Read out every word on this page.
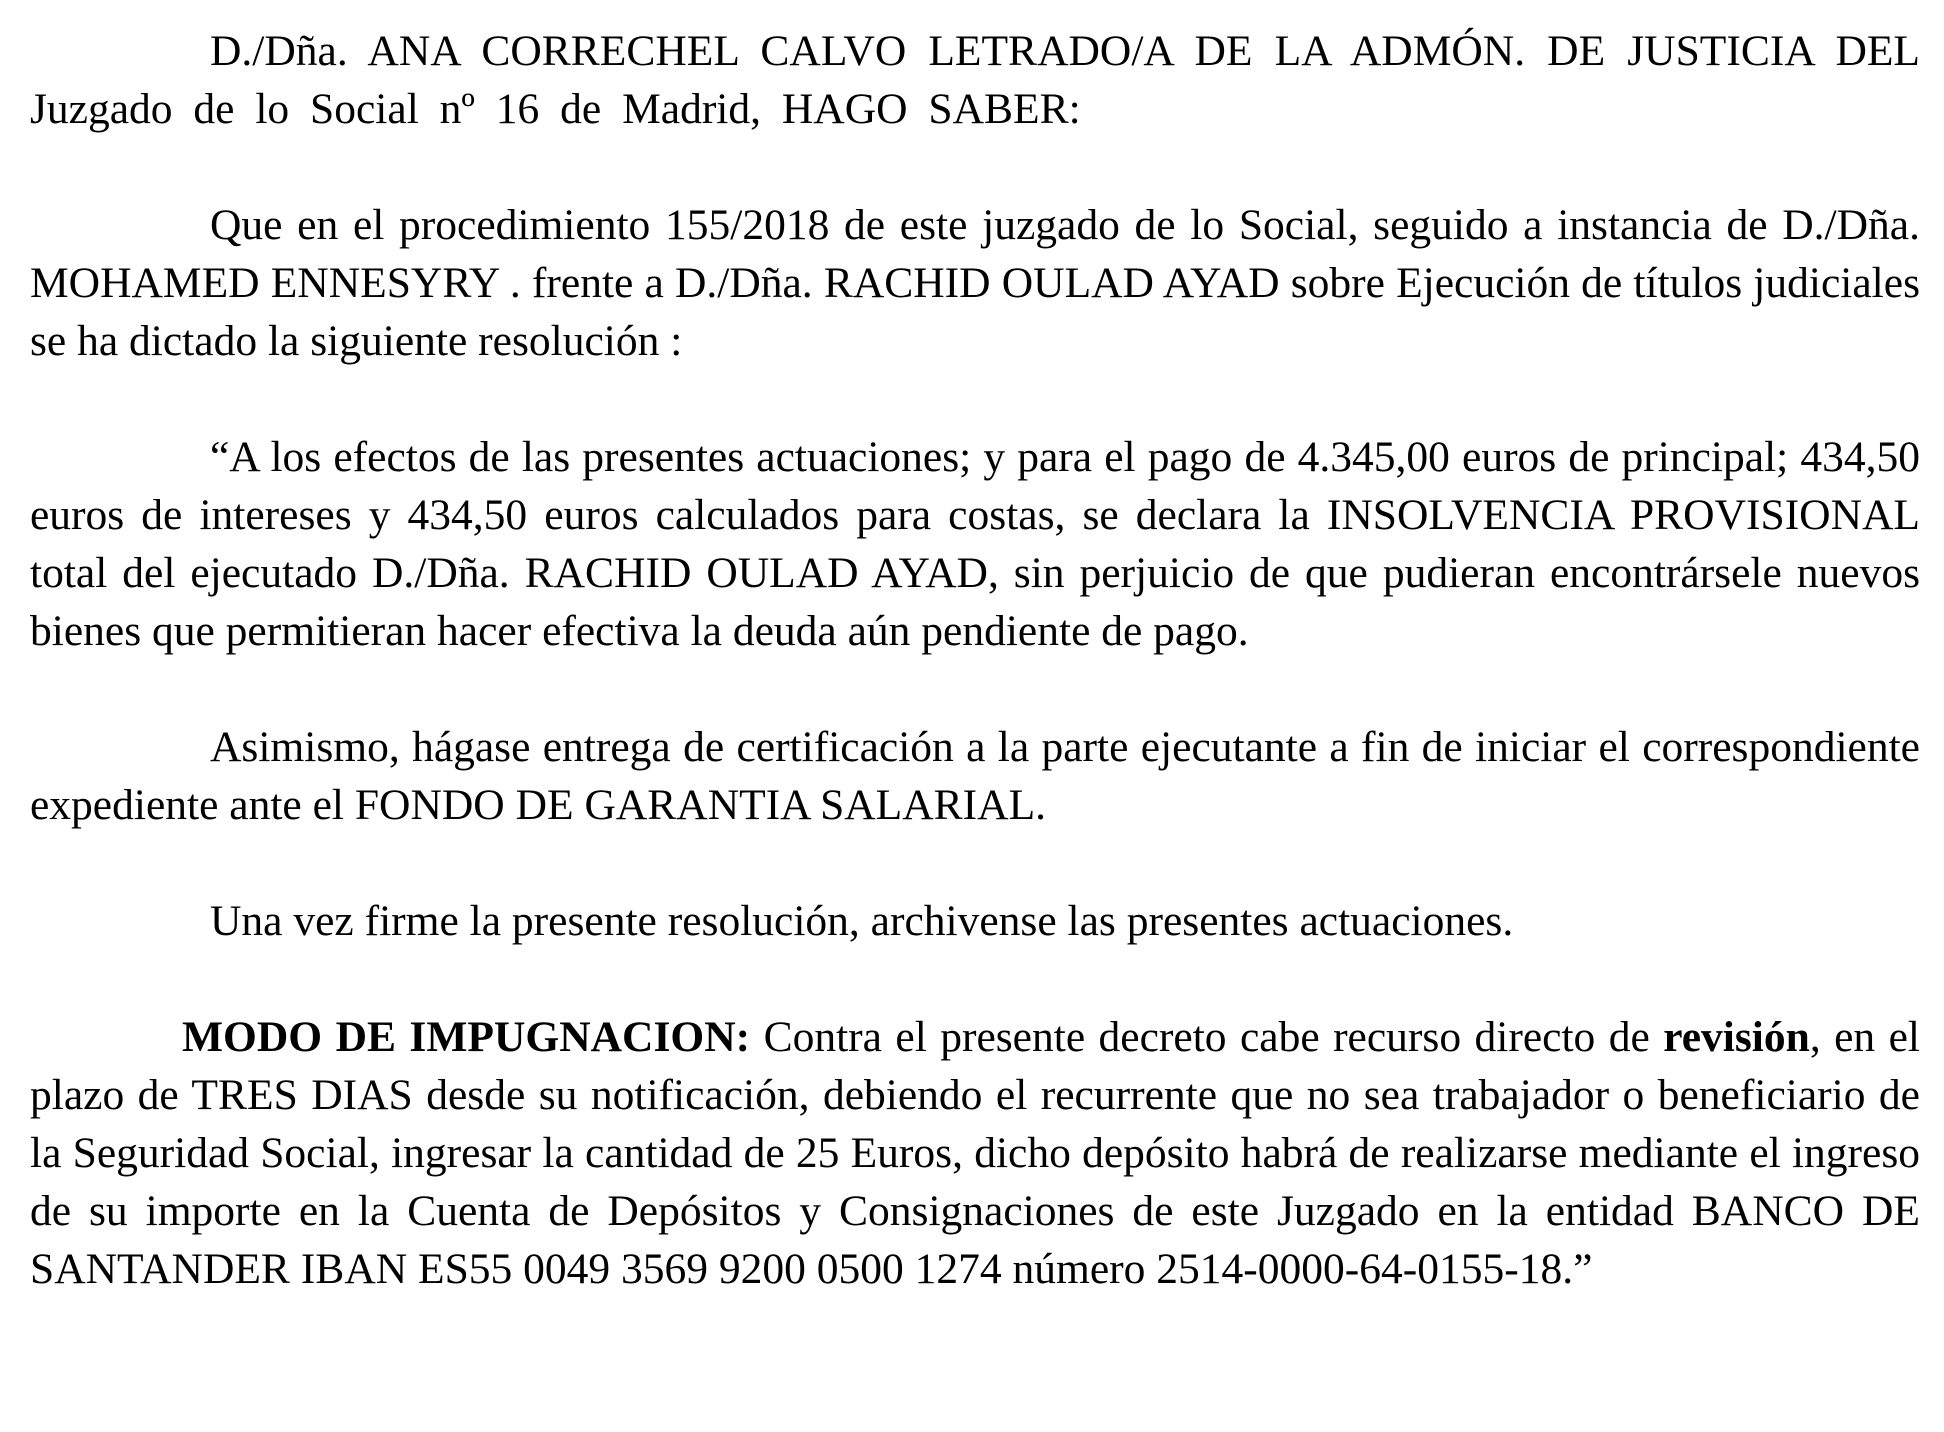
D./Dña. ANA CORRECHEL CALVO LETRADO/A DE LA ADMÓN. DE JUSTICIA DEL Juzgado de lo Social nº 16 de Madrid, HAGO SABER:

Que en el procedimiento 155/2018 de este juzgado de lo Social, seguido a instancia de D./Dña. MOHAMED ENNESYRY . frente a D./Dña. RACHID OULAD AYAD sobre Ejecución de títulos judiciales se ha dictado la siguiente resolución :

“A los efectos de las presentes actuaciones; y para el pago de 4.345,00 euros de principal; 434,50 euros de intereses y 434,50 euros calculados para costas, se declara la INSOLVENCIA PROVISIONAL total del ejecutado D./Dña. RACHID OULAD AYAD, sin perjuicio de que pudieran encontrársele nuevos bienes que permitieran hacer efectiva la deuda aún pendiente de pago.

Asimismo, hágase entrega de certificación a la parte ejecutante a fin de iniciar el correspondiente expediente ante el FONDO DE GARANTIA SALARIAL.

Una vez firme la presente resolución, archivense las presentes actuaciones.

MODO DE IMPUGNACION: Contra el presente decreto cabe recurso directo de revisión, en el plazo de TRES DIAS desde su notificación, debiendo el recurrente que no sea trabajador o beneficiario de la Seguridad Social, ingresar la cantidad de 25 Euros, dicho depósito habrá de realizarse mediante el ingreso de su importe en la Cuenta de Depósitos y Consignaciones de este Juzgado en la entidad BANCO DE SANTANDER IBAN ES55 0049 3569 9200 0500 1274 número 2514-0000-64-0155-18.”
